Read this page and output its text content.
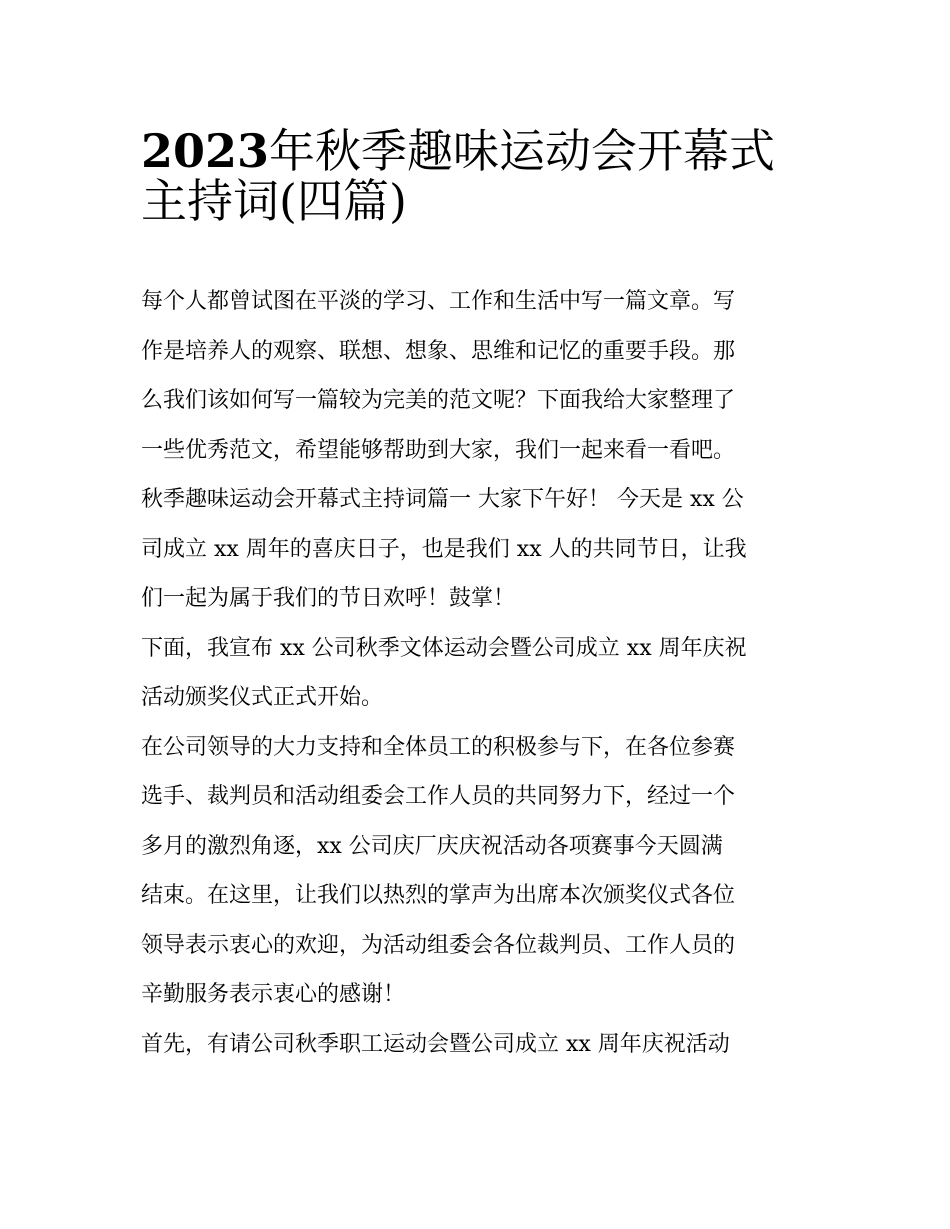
2023年秋季趣味运动会开幕式
主持词(四篇)
每个人都曾试图在平淡的学习、工作和生活中写一篇文章。写
作是培养人的观察、联想、想象、思维和记忆的重要手段。那
么我们该如何写一篇较为完美的范文呢？下面我给大家整理了
一些优秀范文，希望能够帮助到大家，我们一起来看一看吧。
秋季趣味运动会开幕式主持词篇一 大家下午好！ 今天是 xx 公
司成立 xx 周年的喜庆日子，也是我们 xx 人的共同节日，让我
们一起为属于我们的节日欢呼！鼓掌！
下面，我宣布 xx 公司秋季文体运动会暨公司成立 xx 周年庆祝
活动颁奖仪式正式开始。
在公司领导的大力支持和全体员工的积极参与下，在各位参赛
选手、裁判员和活动组委会工作人员的共同努力下，经过一个
多月的激烈角逐，xx 公司庆厂庆庆祝活动各项赛事今天圆满
结束。在这里，让我们以热烈的掌声为出席本次颁奖仪式各位
领导表示衷心的欢迎，为活动组委会各位裁判员、工作人员的
辛勤服务表示衷心的感谢！
首先，有请公司秋季职工运动会暨公司成立 xx 周年庆祝活动
